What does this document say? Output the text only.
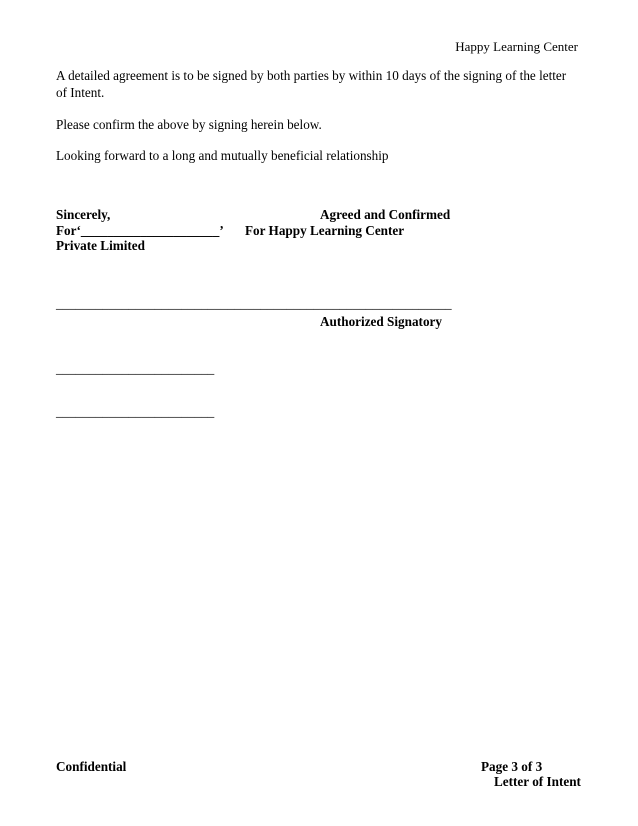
Happy Learning Center

A detailed agreement is to be signed by both parties by within 10 days of the signing of the letter of Intent.

Please confirm the above by signing herein below.

Looking forward to a long and mutually beneficial relationship

Sincerely,	Agreed and Confirmed
For‘_____________________’ For Happy Learning Center
Private Limited
____________________________________________________________
Authorized Signatory
________________________
________________________
Confidential	Page 3 of 3
Letter of Intent
